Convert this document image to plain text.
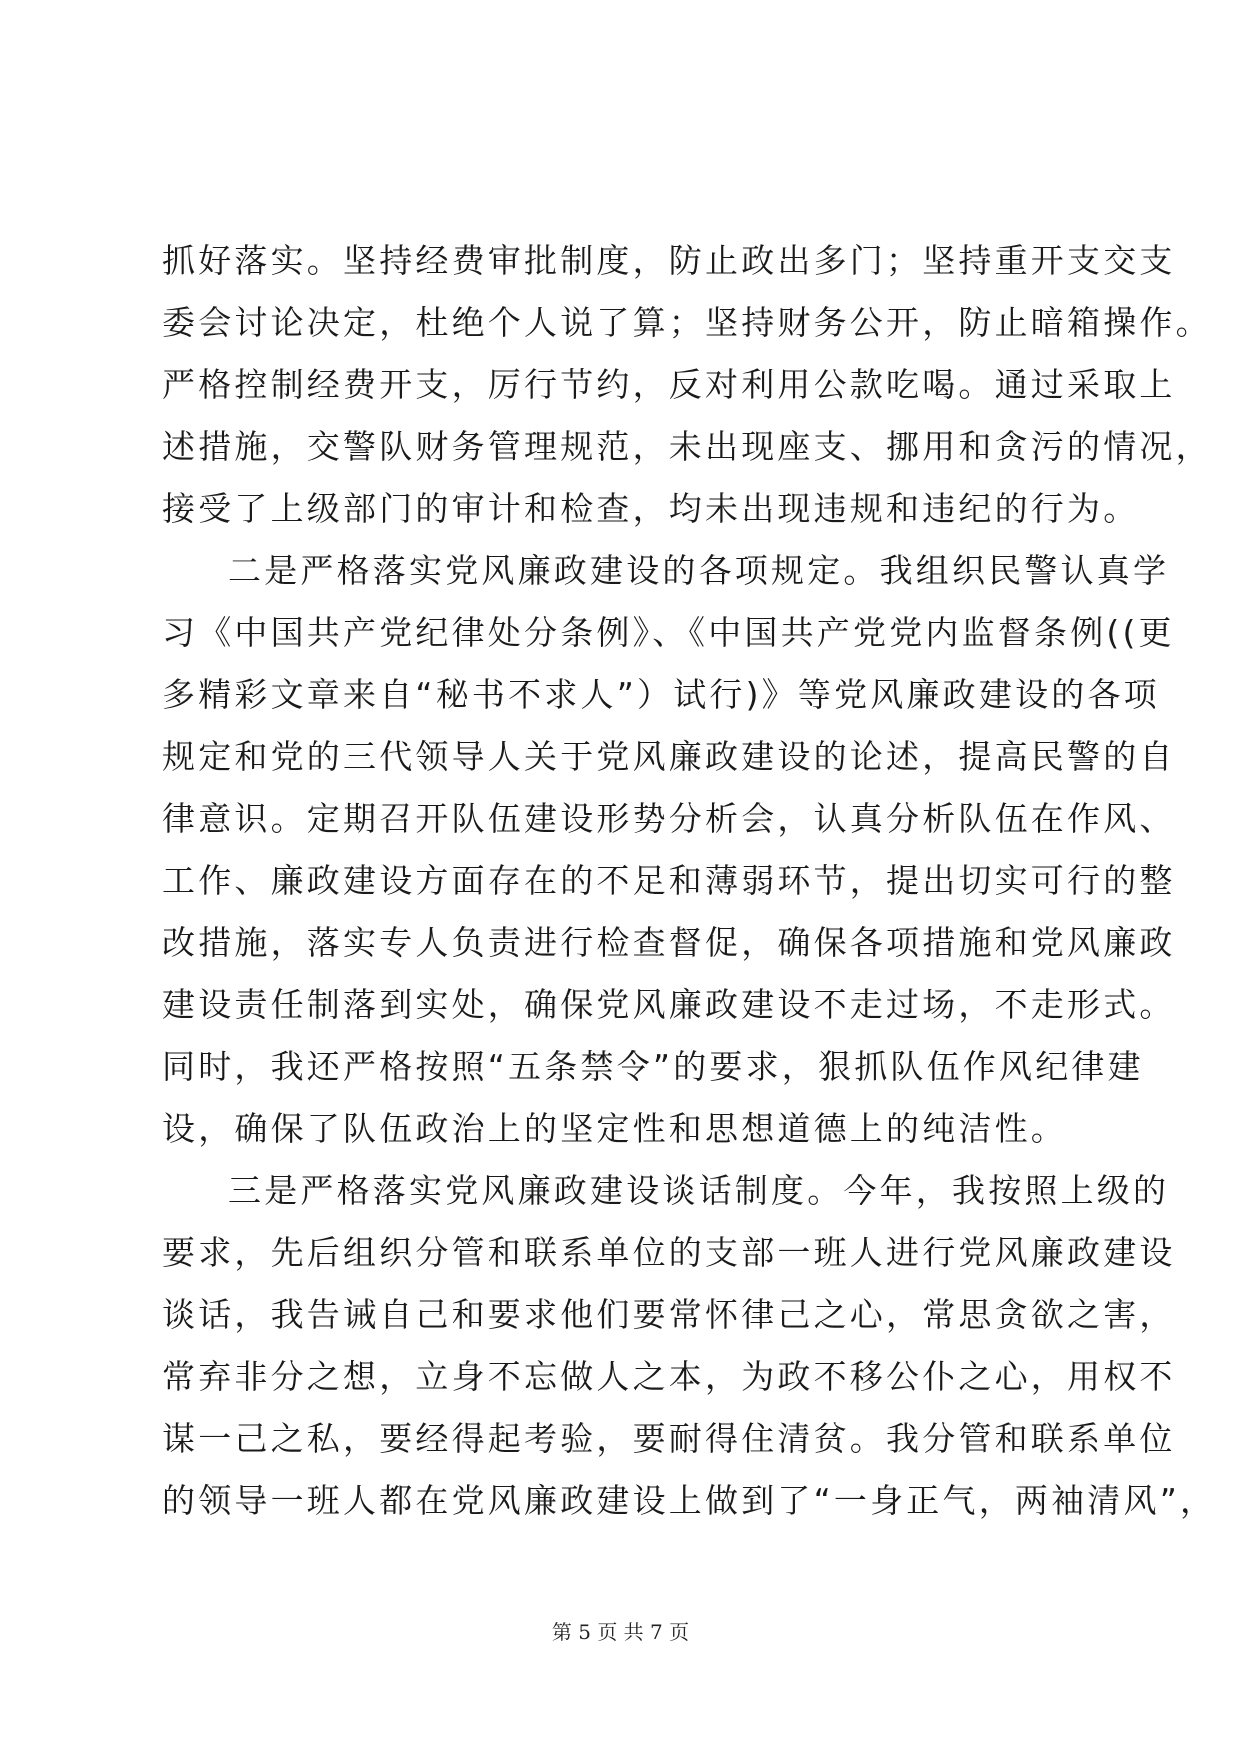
抓好落实。坚持经费审批制度，防止政出多门；坚持重开支交支
委会讨论决定，杜绝个人说了算；坚持财务公开，防止暗箱操作。
严格控制经费开支，厉行节约，反对利用公款吃喝。通过采取上
述措施，交警队财务管理规范，未出现座支、挪用和贪污的情况，
接受了上级部门的审计和检查，均未出现违规和违纪的行为。
二是严格落实党风廉政建设的各项规定。我组织民警认真学
习《中国共产党纪律处分条例》、《中国共产党党内监督条例((更
多精彩文章来自“秘书不求人”）试行)》等党风廉政建设的各项
规定和党的三代领导人关于党风廉政建设的论述，提高民警的自
律意识。定期召开队伍建设形势分析会，认真分析队伍在作风、
工作、廉政建设方面存在的不足和薄弱环节，提出切实可行的整
改措施，落实专人负责进行检查督促，确保各项措施和党风廉政
建设责任制落到实处，确保党风廉政建设不走过场，不走形式。
同时，我还严格按照“五条禁令”的要求，狠抓队伍作风纪律建
设，确保了队伍政治上的坚定性和思想道德上的纯洁性。
三是严格落实党风廉政建设谈话制度。今年，我按照上级的
要求，先后组织分管和联系单位的支部一班人进行党风廉政建设
谈话，我告诫自己和要求他们要常怀律己之心，常思贪欲之害，
常弃非分之想，立身不忘做人之本，为政不移公仆之心，用权不
谋一己之私，要经得起考验，要耐得住清贫。我分管和联系单位
的领导一班人都在党风廉政建设上做到了“一身正气，两袖清风”，
第 5 页 共 7 页
